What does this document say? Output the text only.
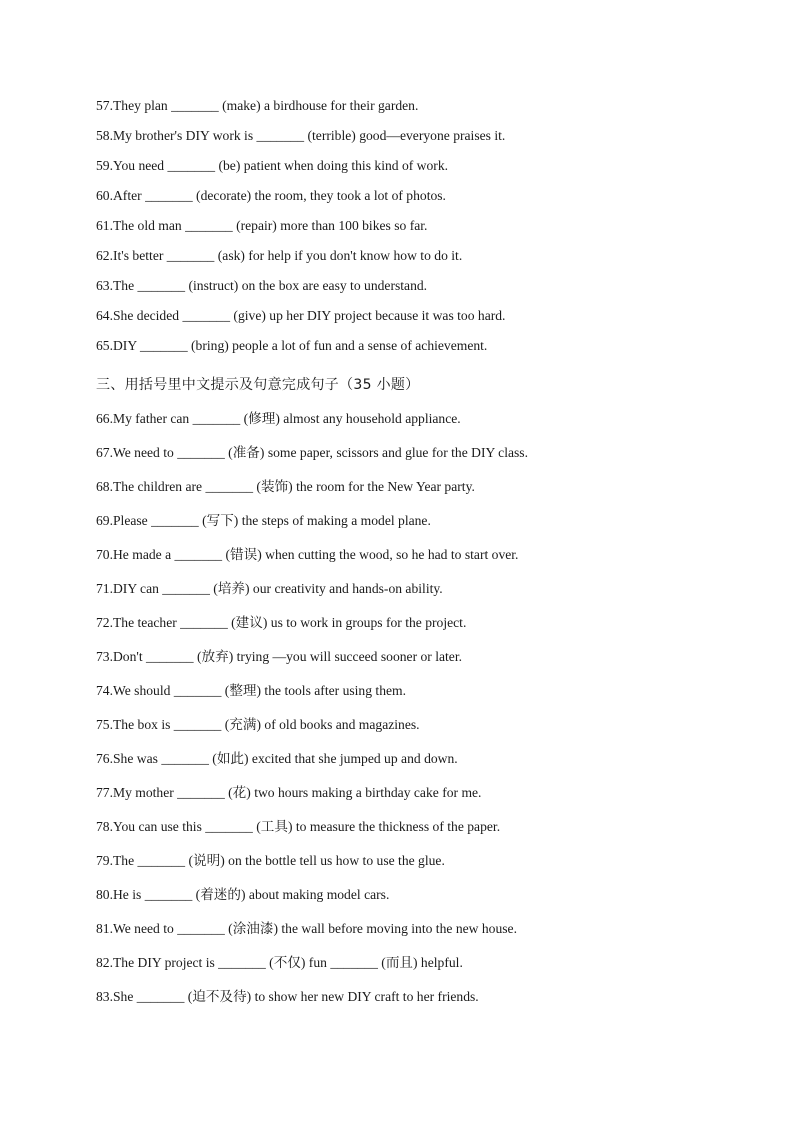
57.They plan _______ (make) a birdhouse for their garden.
58.My brother's DIY work is _______ (terrible) good—everyone praises it.
59.You need _______ (be) patient when doing this kind of work.
60.After _______ (decorate) the room, they took a lot of photos.
61.The old man _______ (repair) more than 100 bikes so far.
62.It's better _______ (ask) for help if you don't know how to do it.
63.The _______ (instruct) on the box are easy to understand.
64.She decided _______ (give) up her DIY project because it was too hard.
65.DIY _______ (bring) people a lot of fun and a sense of achievement.
三、用括号里中文提示及句意完成句子（35 小题）
66.My father can _______ (修理) almost any household appliance.
67.We need to _______ (准备) some paper, scissors and glue for the DIY class.
68.The children are _______ (装饰) the room for the New Year party.
69.Please _______ (写下) the steps of making a model plane.
70.He made a _______ (错误) when cutting the wood, so he had to start over.
71.DIY can _______ (培养) our creativity and hands-on ability.
72.The teacher _______ (建议) us to work in groups for the project.
73.Don't _______ (放弃) trying —you will succeed sooner or later.
74.We should _______ (整理) the tools after using them.
75.The box is _______ (充满) of old books and magazines.
76.She was _______ (如此) excited that she jumped up and down.
77.My mother _______ (花) two hours making a birthday cake for me.
78.You can use this _______ (工具) to measure the thickness of the paper.
79.The _______ (说明) on the bottle tell us how to use the glue.
80.He is _______ (着迷的) about making model cars.
81.We need to _______ (涂油漆) the wall before moving into the new house.
82.The DIY project is _______ (不仅) fun _______ (而且) helpful.
83.She _______ (迫不及待) to show her new DIY craft to her friends.
